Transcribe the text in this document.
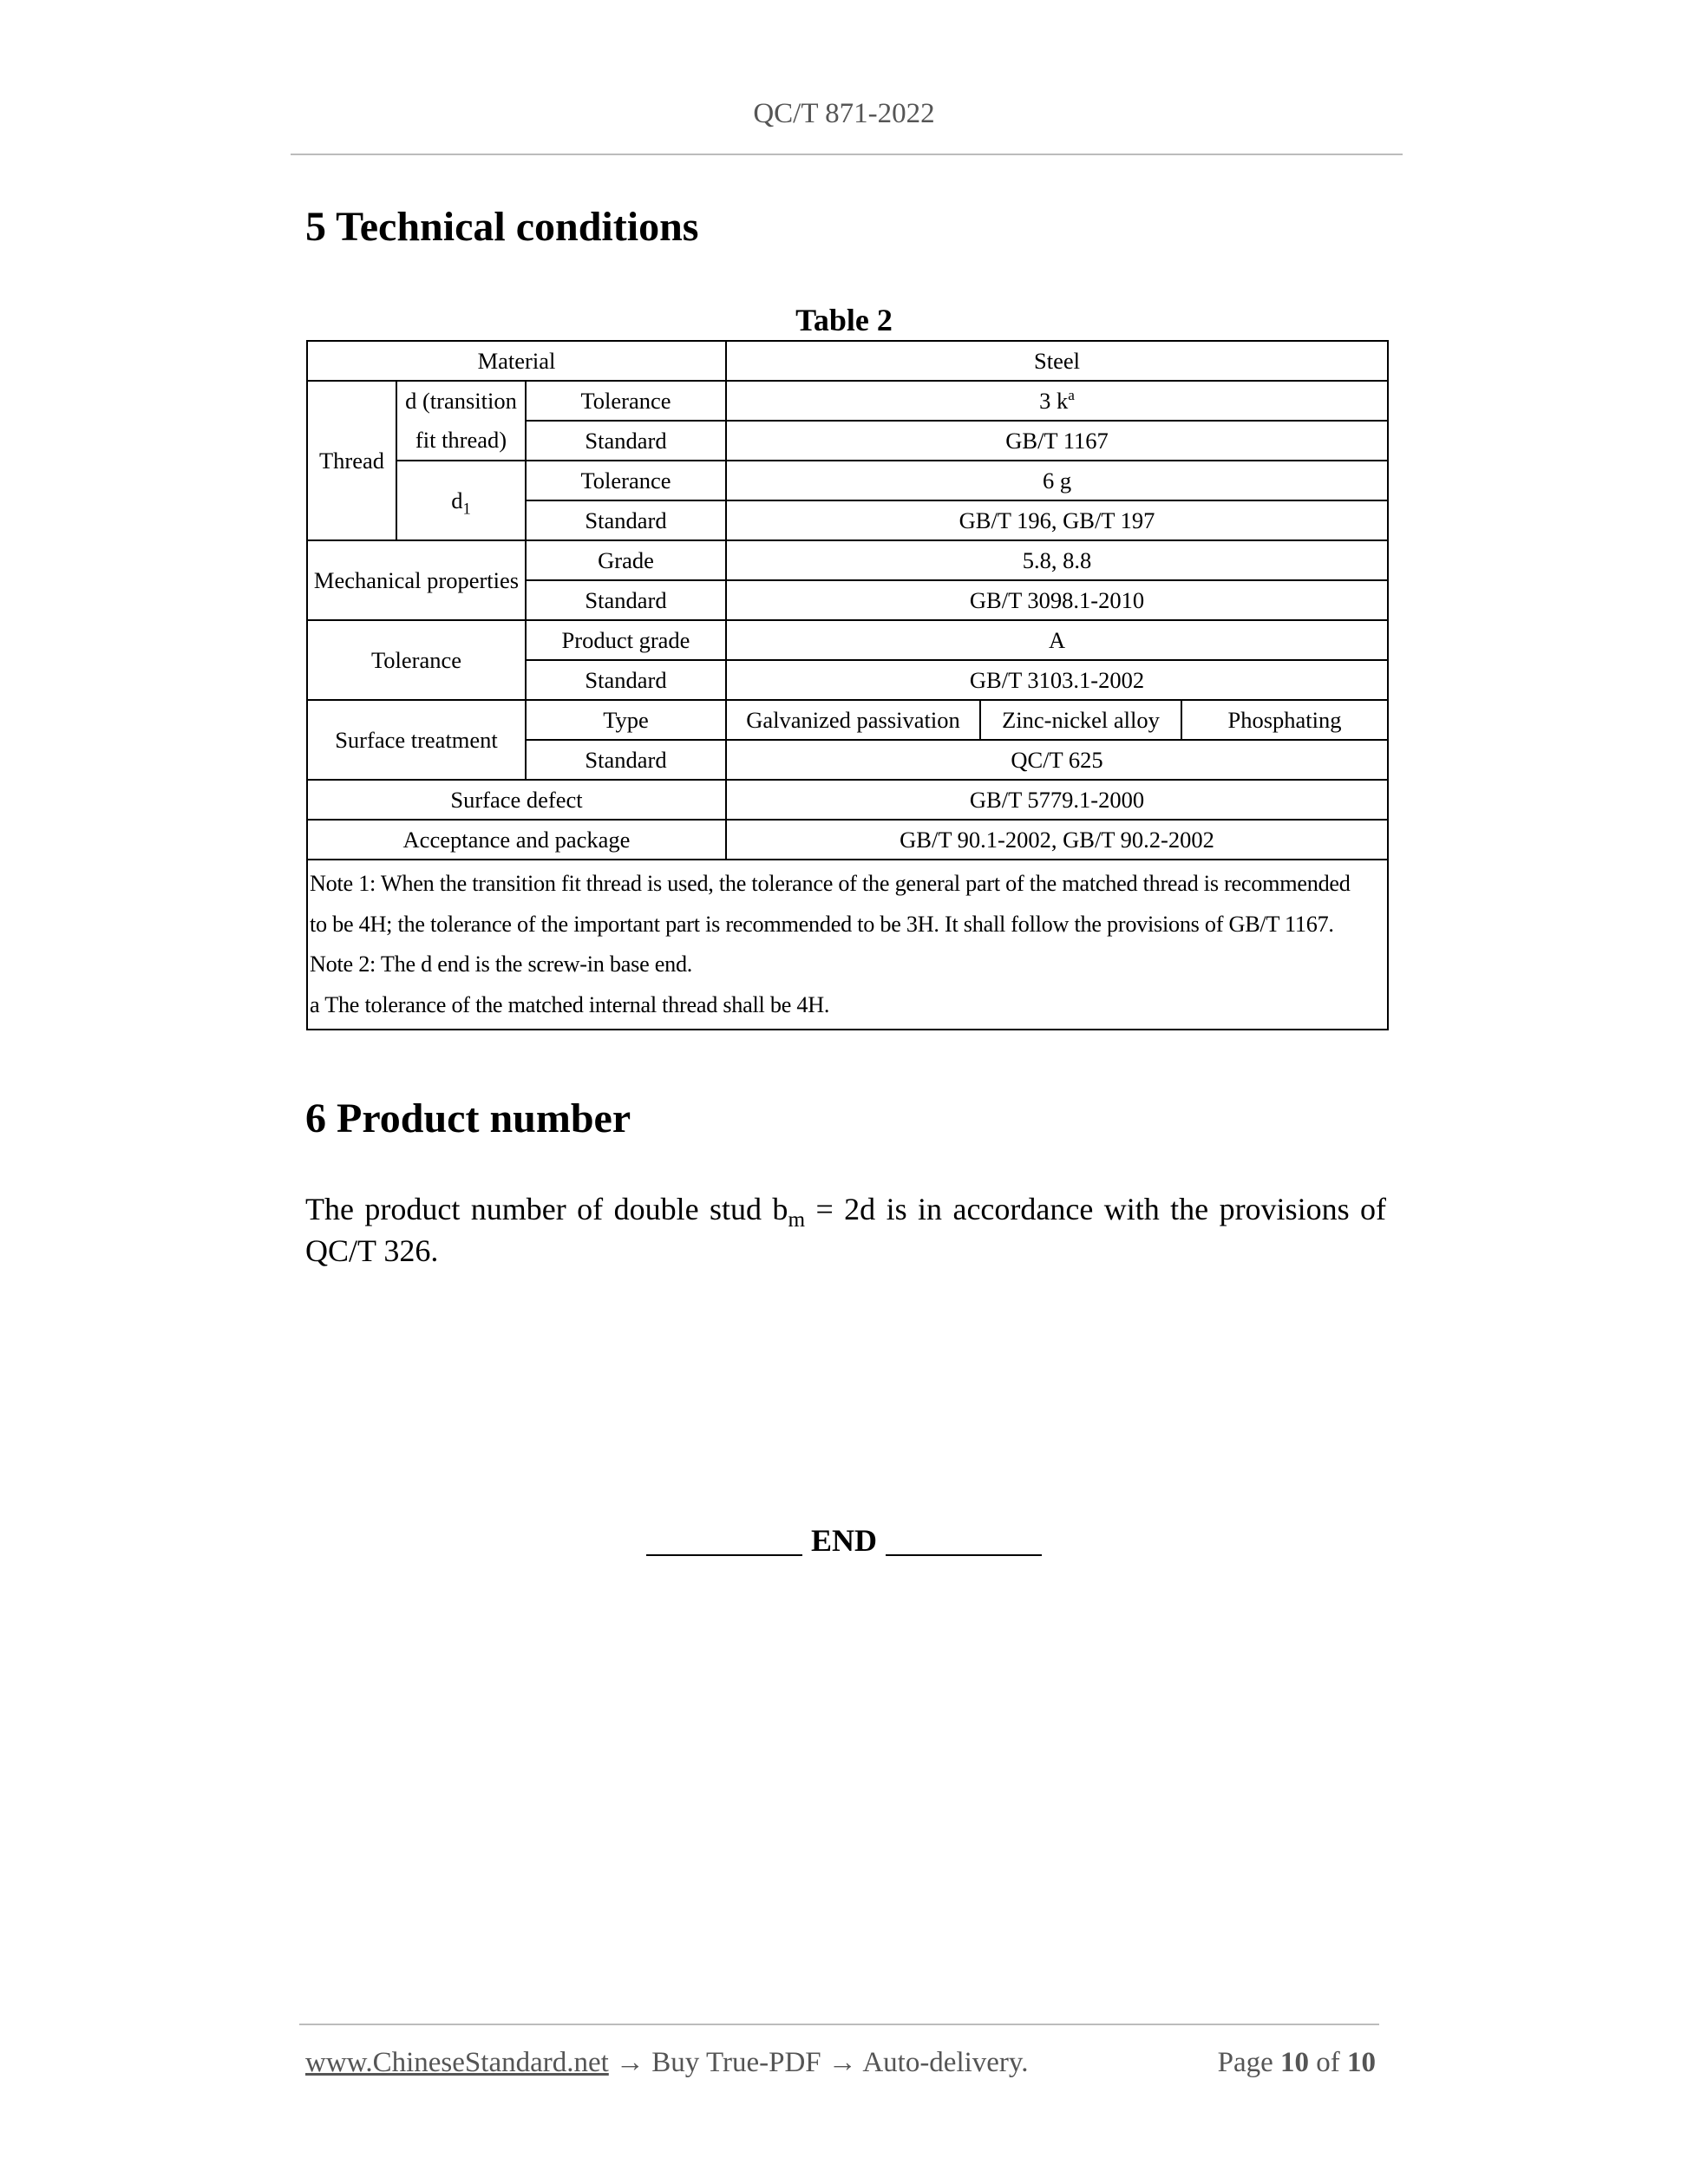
QC/T 871-2022
5 Technical conditions
Table 2
Material			Steel		
Thread	d (transition	Tolerance	3 $k^a$
	fit thread)	Standard	GB/T 1167		
	$d_1$	Tolerance	6 g		
		Standard	GB/T 196, GB/T 197		
Mechanical properties		Grade	5.8, 8.8		
		Standard	GB/T 3098.1-2010		
Tolerance		Product grade	A		
		Standard	GB/T 3103.1-2002		
Surface treatment		Type	Galvanized passivation	Zinc-nickel alloy	Phosphating
		Standard	QC/T 625		
Surface defect			GB/T 5779.1-2000		
Acceptance and package			GB/T 90.1-2002, GB/T 90.2-2002		

Note 1: When the transition fit thread is used, the tolerance of the general part of the matched thread is recommended
to be 4H; the tolerance of the important part is recommended to be 3H. It shall follow the provisions of GB/T 1167.
Note 2: The d end is the screw-in base end.
a The tolerance of the matched internal thread shall be 4H.					
6 Product number

The product number of double stud $b_m = 2d$ is in accordance with the provisions of QC/T 326.

END
www.ChineseStandard.net → Buy True-PDF → Auto-delivery.	Page 10 of 10
